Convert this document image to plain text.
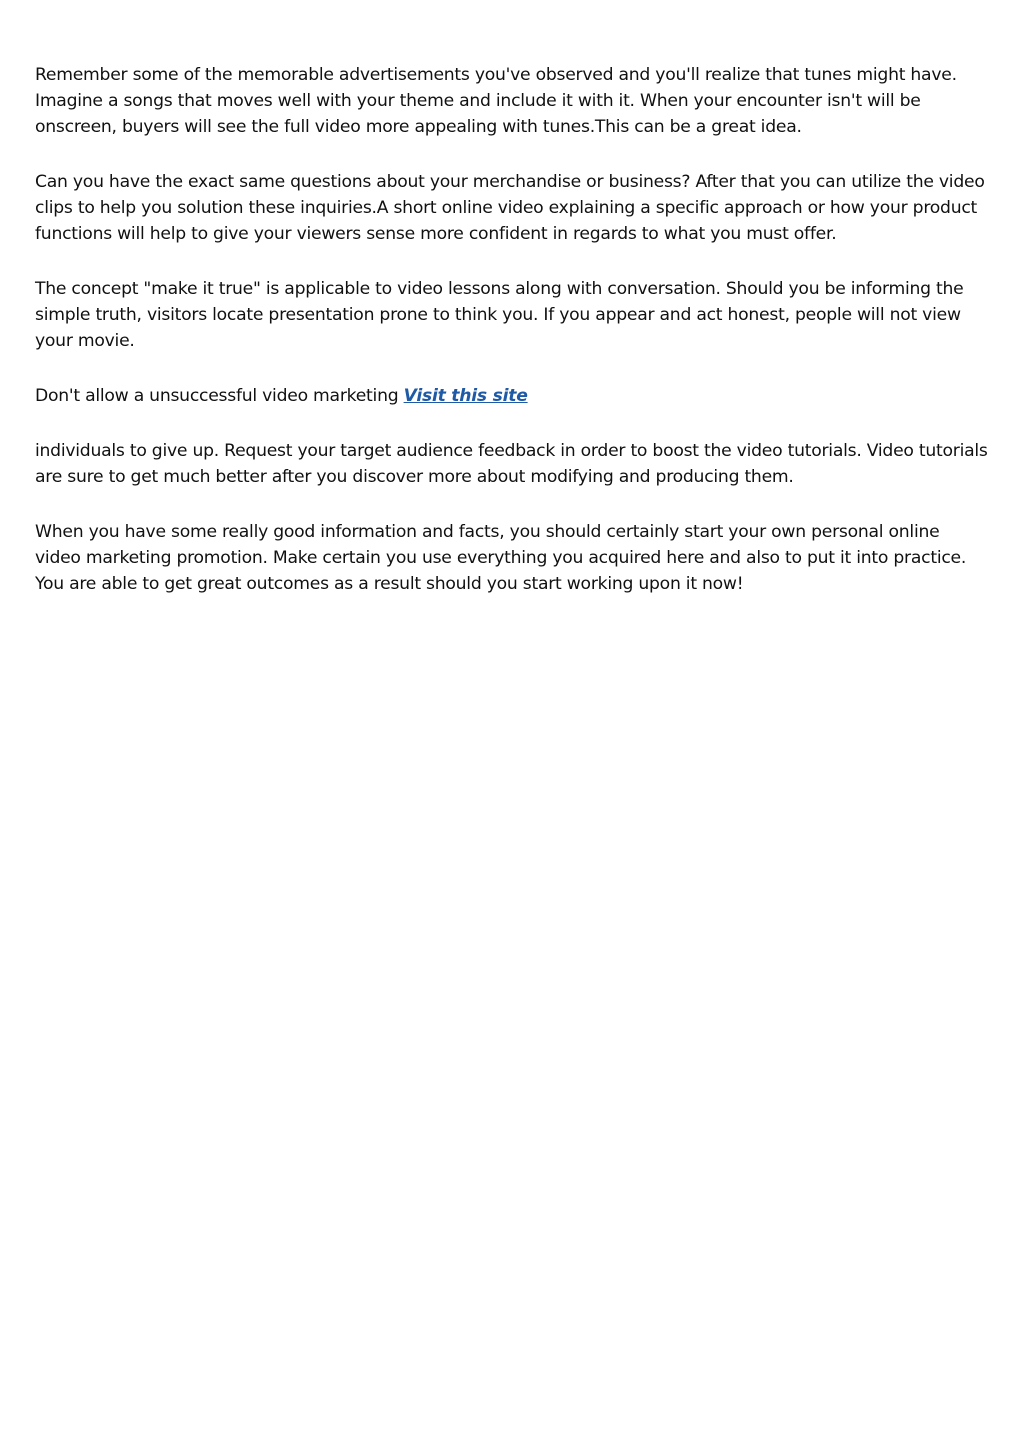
Remember some of the memorable advertisements you've observed and you'll realize that tunes might have. Imagine a songs that moves well with your theme and include it with it. When your encounter isn't will be onscreen, buyers will see the full video more appealing with tunes.This can be a great idea.

Can you have the exact same questions about your merchandise or business? After that you can utilize the video clips to help you solution these inquiries.A short online video explaining a specific approach or how your product functions will help to give your viewers sense more confident in regards to what you must offer.

The concept "make it true" is applicable to video lessons along with conversation. Should you be informing the simple truth, visitors locate presentation prone to think you. If you appear and act honest, people will not view your movie.

Don't allow a unsuccessful video marketing Visit this site

individuals to give up. Request your target audience feedback in order to boost the video tutorials. Video tutorials are sure to get much better after you discover more about modifying and producing them.

When you have some really good information and facts, you should certainly start your own personal online video marketing promotion. Make certain you use everything you acquired here and also to put it into practice. You are able to get great outcomes as a result should you start working upon it now!
